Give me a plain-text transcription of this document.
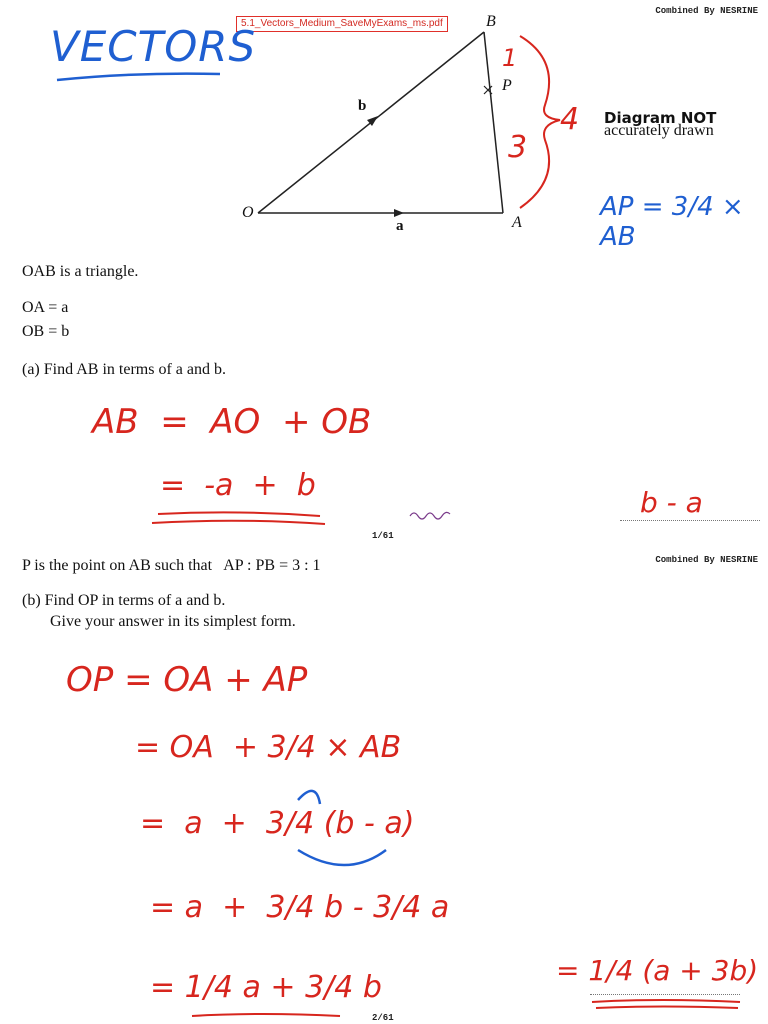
Combined By NESRINE
5.1_Vectors_Medium_SaveMyExams_ms.pdf
VECTORS
Diagram NOT
O
A
B
P
a
b
1
3
4 accurately drawn
AP = 3/4 × AB
OAB is a triangle.
OA = a
OB = b
(a) Find AB in terms of a and b.
AB  =  AO  + OB
=  -a  +  b
1/61
b - a
Combined By NESRINE
P is the point on AB such that   AP : PB = 3 : 1
(b) Find OP in terms of a and b.
Give your answer in its simplest form.
OP = OA + AP
= OA  + 3/4 × AB
=  a  +  3/4 (b - a)
= a  +  3/4 b - 3/4 a
= 1/4 a + 3/4 b
2/61
= 1/4 (a + 3b)
